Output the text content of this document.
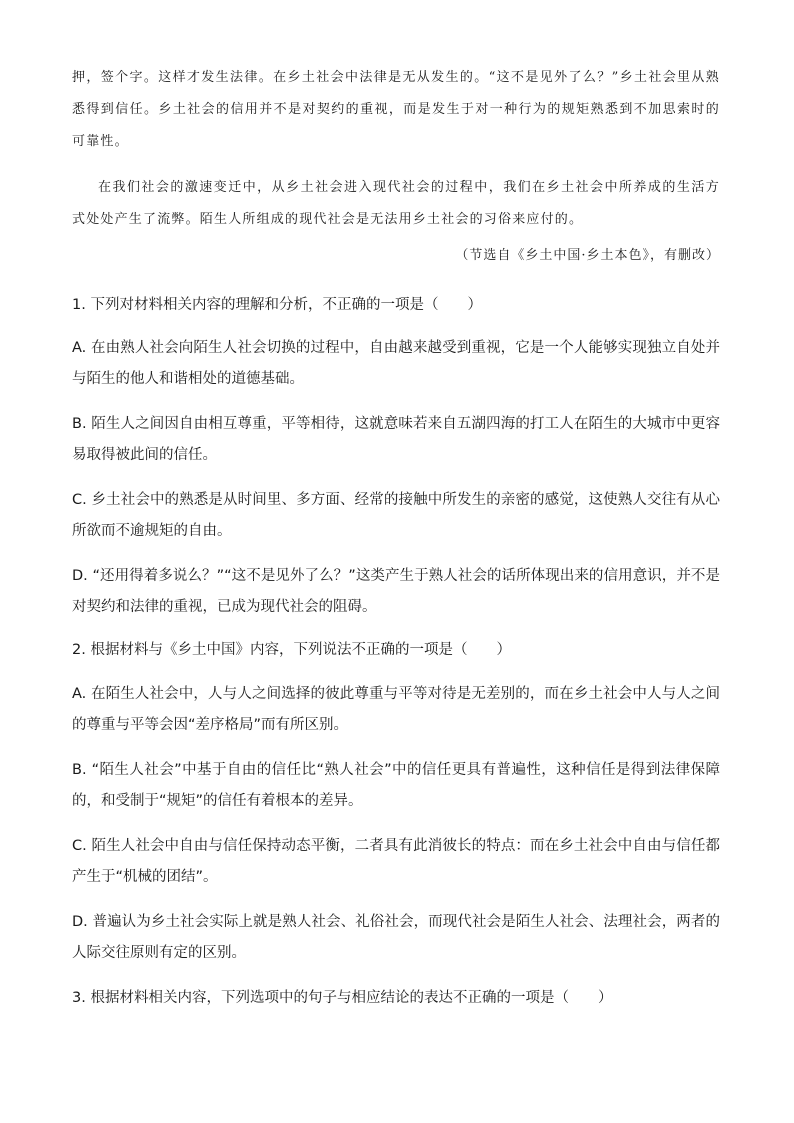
押，签个字。这样才发生法律。在乡土社会中法律是无从发生的。“这不是见外了么？”乡土社会里从熟悉得到信任。乡土社会的信用并不是对契约的重视，而是发生于对一种行为的规矩熟悉到不加思索时的可靠性。

在我们社会的激速变迁中，从乡土社会进入现代社会的过程中，我们在乡土社会中所养成的生活方式处处产生了流弊。陌生人所组成的现代社会是无法用乡土社会的习俗来应付的。

（节选自《乡土中国·乡土本色》，有删改）
1. 下列对材料相关内容的理解和分析，不正确的一项是（　　）
A. 在由熟人社会向陌生人社会切换的过程中，自由越来越受到重视，它是一个人能够实现独立自处并与陌生的他人和谐相处的道德基础。
B. 陌生人之间因自由相互尊重，平等相待，这就意味若来自五湖四海的打工人在陌生的大城市中更容易取得被此间的信任。
C. 乡土社会中的熟悉是从时间里、多方面、经常的接触中所发生的亲密的感觉，这使熟人交往有从心所欲而不逾规矩的自由。
D. “还用得着多说么？”“这不是见外了么？”这类产生于熟人社会的话所体现出来的信用意识，并不是对契约和法律的重视，已成为现代社会的阻碍。
2. 根据材料与《乡土中国》内容，下列说法不正确的一项是（　　）
A. 在陌生人社会中，人与人之间选择的彼此尊重与平等对待是无差别的，而在乡土社会中人与人之间的尊重与平等会因“差序格局”而有所区别。
B. “陌生人社会”中基于自由的信任比“熟人社会”中的信任更具有普遍性，这种信任是得到法律保障的，和受制于“规矩”的信任有着根本的差异。
C. 陌生人社会中自由与信任保持动态平衡，二者具有此消彼长的特点：而在乡土社会中自由与信任都产生于“机械的团结”。
D. 普遍认为乡土社会实际上就是熟人社会、礼俗社会，而现代社会是陌生人社会、法理社会，两者的人际交往原则有定的区别。
3. 根据材料相关内容，下列选项中的句子与相应结论的表达不正确的一项是（　　）
